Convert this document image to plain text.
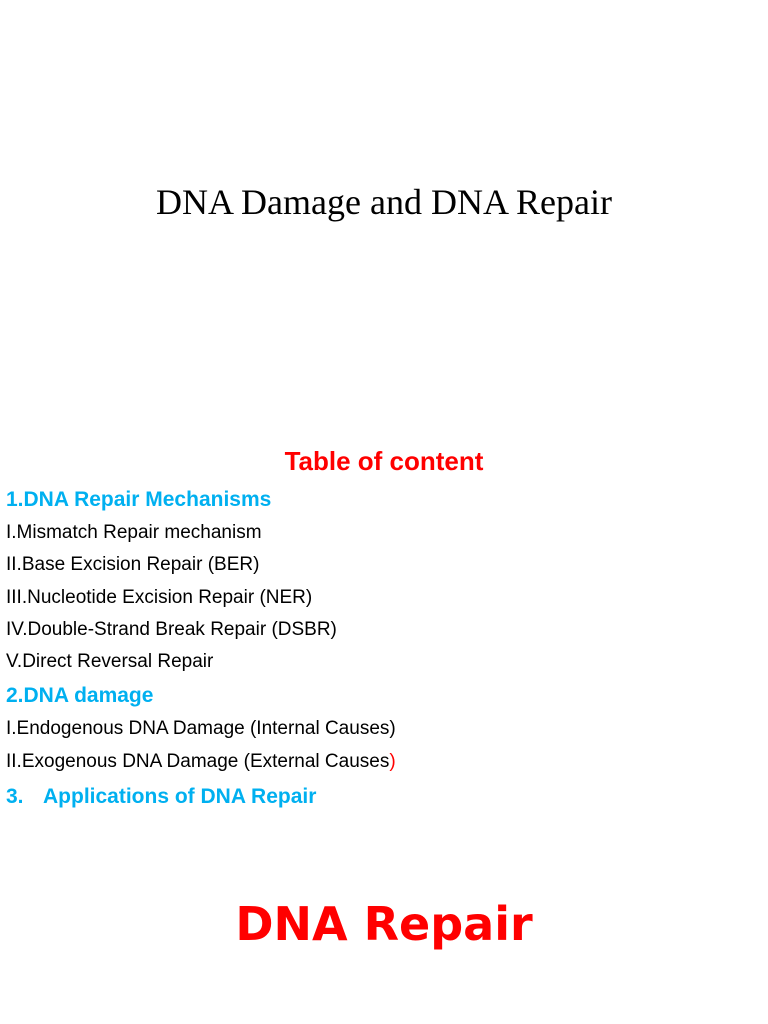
DNA Damage and DNA Repair
Table of content
1.DNA Repair Mechanisms
I.Mismatch Repair mechanism
II.Base Excision Repair (BER)
III.Nucleotide Excision Repair (NER)
IV.Double-Strand Break Repair (DSBR)
V.Direct Reversal Repair
2.DNA damage
I.Endogenous DNA Damage (Internal Causes)
II.Exogenous DNA Damage (External Causes)
3. Applications of DNA Repair
DNA Repair
